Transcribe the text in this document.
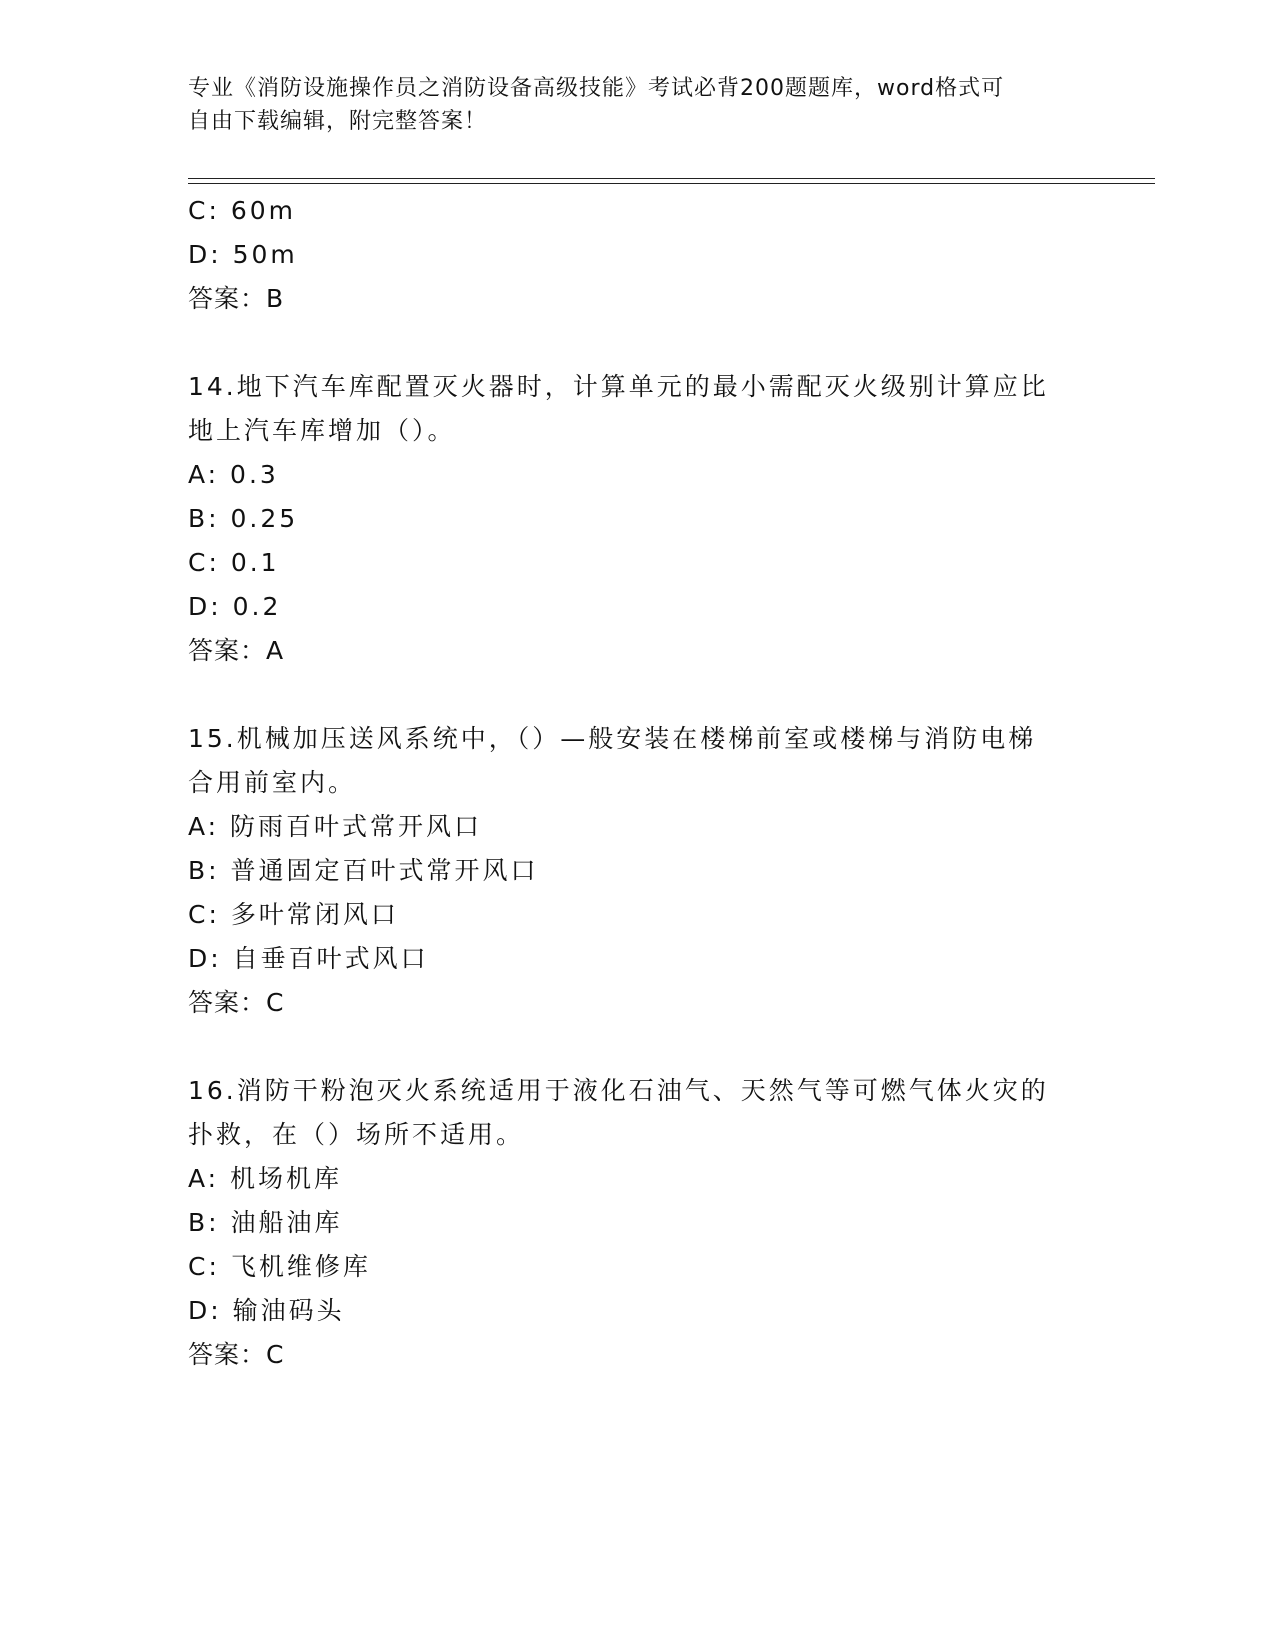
专业《消防设施操作员之消防设备高级技能》考试必背200题题库，word格式可
自由下载编辑，附完整答案！
C: 60m
D: 50m
答案：B
14.地下汽车库配置灭火器时，计算单元的最小需配灭火级别计算应比
地上汽车库增加（）。
A: 0.3
B: 0.25
C: 0.1
D: 0.2
答案：A
15.机械加压送风系统中，（）—般安装在楼梯前室或楼梯与消防电梯
合用前室内。
A: 防雨百叶式常开风口
B: 普通固定百叶式常开风口
C: 多叶常闭风口
D: 自垂百叶式风口
答案：C
16.消防干粉泡灭火系统适用于液化石油气、天然气等可燃气体火灾的
扑救，在（）场所不适用。
A: 机场机库
B: 油船油库
C: 飞机维修库
D: 输油码头
答案：C
